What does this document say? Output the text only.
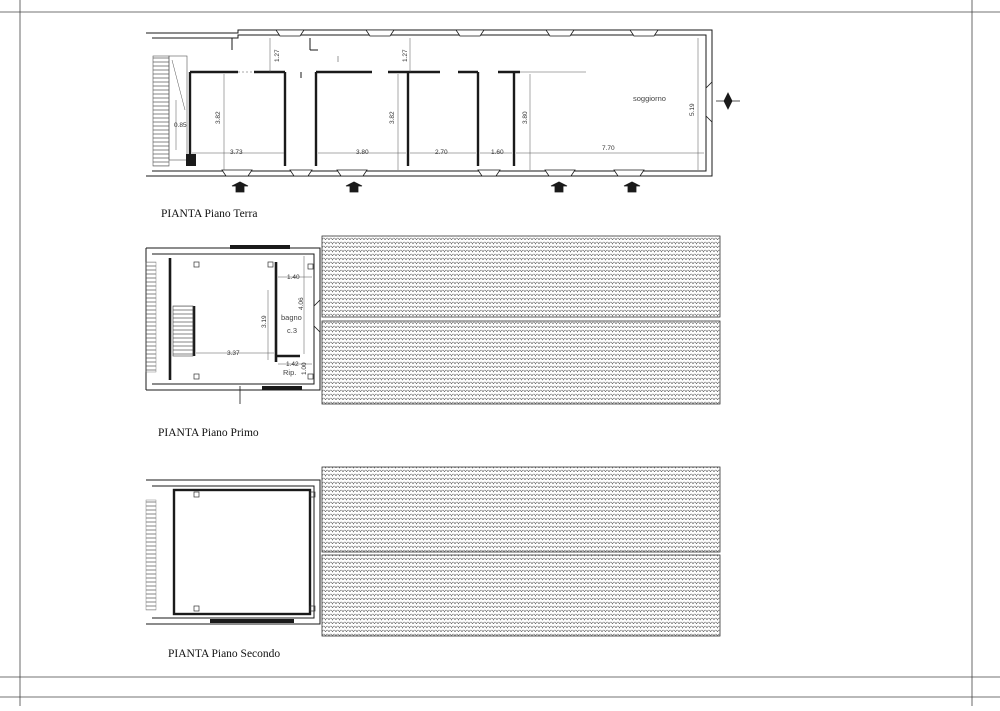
1.27	1.27
0.85
3.82	3.82	3.80
5.19
3.73	3.80	2.70	1.60
7.70
soggiorno
1.40
4.06
3.19
3.37
1.42 1.00
bagno
c.3
Rip.
PIANTA Piano Terra
PIANTA Piano Primo
PIANTA Piano Secondo
